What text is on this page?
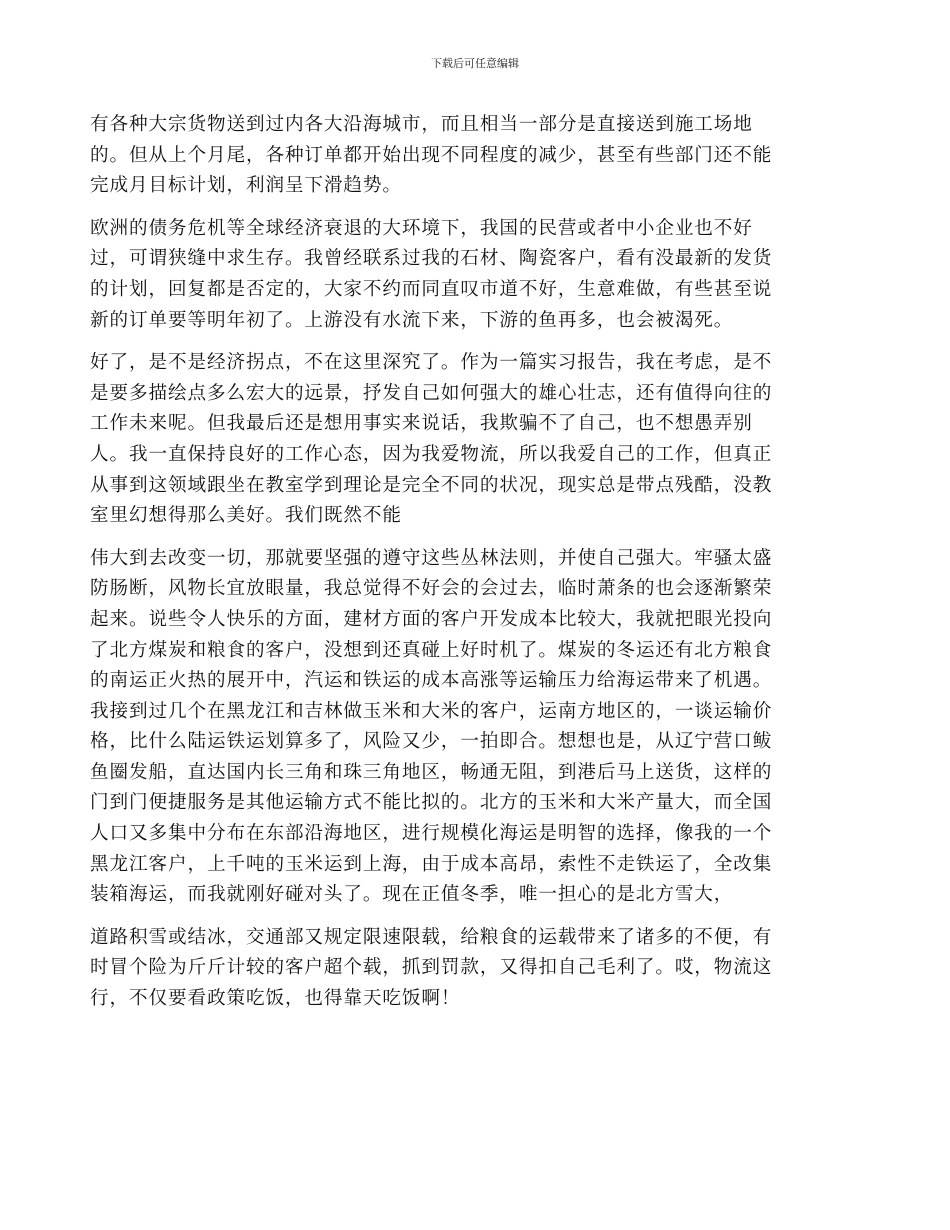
下载后可任意编辑

有各种大宗货物送到过内各大沿海城市，而且相当一部分是直接送到施工场地
的。但从上个月尾，各种订单都开始出现不同程度的减少，甚至有些部门还不能
完成月目标计划，利润呈下滑趋势。

欧洲的债务危机等全球经济衰退的大环境下，我国的民营或者中小企业也不好
过，可谓狭缝中求生存。我曾经联系过我的石材、陶瓷客户，看有没最新的发货
的计划，回复都是否定的，大家不约而同直叹市道不好，生意难做，有些甚至说
新的订单要等明年初了。上游没有水流下来，下游的鱼再多，也会被渴死。

好了，是不是经济拐点，不在这里深究了。作为一篇实习报告，我在考虑，是不
是要多描绘点多么宏大的远景，抒发自己如何强大的雄心壮志，还有值得向往的
工作未来呢。但我最后还是想用事实来说话，我欺骗不了自己，也不想愚弄别
人。我一直保持良好的工作心态，因为我爱物流，所以我爱自己的工作，但真正
从事到这领域跟坐在教室学到理论是完全不同的状况，现实总是带点残酷，没教
室里幻想得那么美好。我们既然不能

伟大到去改变一切，那就要坚强的遵守这些丛林法则，并使自己强大。牢骚太盛
防肠断，风物长宜放眼量，我总觉得不好会的会过去，临时萧条的也会逐渐繁荣
起来。说些令人快乐的方面，建材方面的客户开发成本比较大，我就把眼光投向
了北方煤炭和粮食的客户，没想到还真碰上好时机了。煤炭的冬运还有北方粮食
的南运正火热的展开中，汽运和铁运的成本高涨等运输压力给海运带来了机遇。
我接到过几个在黑龙江和吉林做玉米和大米的客户，运南方地区的，一谈运输价
格，比什么陆运铁运划算多了，风险又少，一拍即合。想想也是，从辽宁营口鲅
鱼圈发船，直达国内长三角和珠三角地区，畅通无阻，到港后马上送货，这样的
门到门便捷服务是其他运输方式不能比拟的。北方的玉米和大米产量大，而全国
人口又多集中分布在东部沿海地区，进行规模化海运是明智的选择，像我的一个
黑龙江客户，上千吨的玉米运到上海，由于成本高昂，索性不走铁运了，全改集
装箱海运，而我就刚好碰对头了。现在正值冬季，唯一担心的是北方雪大，

道路积雪或结冰，交通部又规定限速限载，给粮食的运载带来了诸多的不便，有
时冒个险为斤斤计较的客户超个载，抓到罚款，又得扣自己毛利了。哎，物流这
行，不仅要看政策吃饭，也得靠天吃饭啊！
